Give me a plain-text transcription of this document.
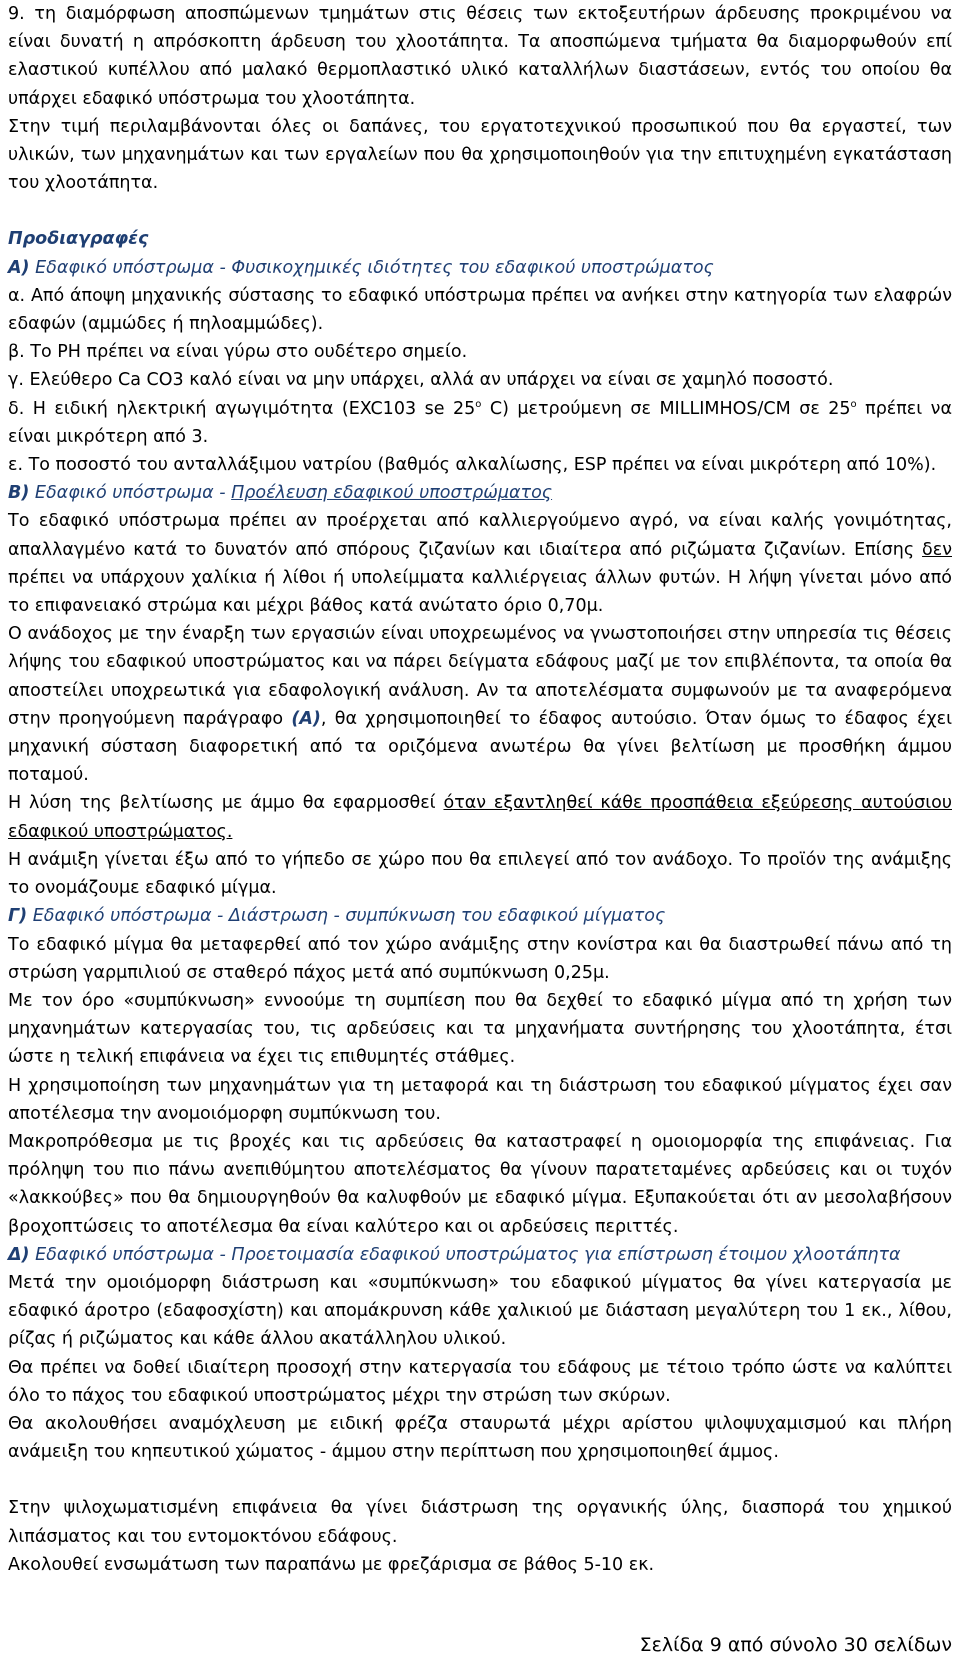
9. τη διαμόρφωση αποσπώμενων τμημάτων στις θέσεις των εκτοξευτήρων άρδευσης προκριμένου να είναι δυνατή η απρόσκοπτη άρδευση του χλοοτάπητα. Τα αποσπώμενα τμήματα θα διαμορφωθούν επί ελαστικού κυπέλλου από μαλακό θερμοπλαστικό υλικό καταλλήλων διαστάσεων, εντός του οποίου θα υπάρχει εδαφικό υπόστρωμα του χλοοτάπητα.

Στην τιμή περιλαμβάνονται όλες οι δαπάνες, του εργατοτεχνικού προσωπικού που θα εργαστεί, των υλικών, των μηχανημάτων και των εργαλείων που θα χρησιμοποιηθούν για την επιτυχημένη εγκατάσταση του χλοοτάπητα.

Προδιαγραφές

Α) Εδαφικό υπόστρωμα - Φυσικοχημικές ιδιότητες του εδαφικού υποστρώματος

α. Από άποψη μηχανικής σύστασης το εδαφικό υπόστρωμα πρέπει να ανήκει στην κατηγορία των ελαφρών εδαφών (αμμώδες ή πηλοαμμώδες).

β. Το PH πρέπει να είναι γύρω στο ουδέτερο σημείο.

γ. Ελεύθερο Ca CO3 καλό είναι να μην υπάρχει, αλλά αν υπάρχει να είναι σε χαμηλό ποσοστό.

δ. Η ειδική ηλεκτρική αγωγιμότητα (EXC103 se $25^o$ C) μετρούμενη σε MILLIMHOS/CM σε $25^o$ πρέπει να είναι μικρότερη από 3.

ε. Το ποσοστό του ανταλλάξιμου νατρίου (βαθμός αλκαλίωσης, ESP πρέπει να είναι μικρότερη από 10%).

Β) Εδαφικό υπόστρωμα - Προέλευση εδαφικού υποστρώματος

Το εδαφικό υπόστρωμα πρέπει αν προέρχεται από καλλιεργούμενο αγρό, να είναι καλής γονιμότητας, απαλλαγμένο κατά το δυνατόν από σπόρους ζιζανίων και ιδιαίτερα από ριζώματα ζιζανίων. Επίσης δεν πρέπει να υπάρχουν χαλίκια ή λίθοι ή υπολείμματα καλλιέργειας άλλων φυτών. Η λήψη γίνεται μόνο από το επιφανειακό στρώμα και μέχρι βάθος κατά ανώτατο όριο 0,70μ.

Ο ανάδοχος με την έναρξη των εργασιών είναι υποχρεωμένος να γνωστοποιήσει στην υπηρεσία τις θέσεις λήψης του εδαφικού υποστρώματος και να πάρει δείγματα εδάφους μαζί με τον επιβλέποντα, τα οποία θα αποστείλει υποχρεωτικά για εδαφολογική ανάλυση. Αν τα αποτελέσματα συμφωνούν με τα αναφερόμενα στην προηγούμενη παράγραφο (Α), θα χρησιμοποιηθεί το έδαφος αυτούσιο. Όταν όμως το έδαφος έχει μηχανική σύσταση διαφορετική από τα οριζόμενα ανωτέρω θα γίνει βελτίωση με προσθήκη άμμου ποταμού.

Η λύση της βελτίωσης με άμμο θα εφαρμοσθεί όταν εξαντληθεί κάθε προσπάθεια εξεύρεσης αυτούσιου εδαφικού υποστρώματος.

Η ανάμιξη γίνεται έξω από το γήπεδο σε χώρο που θα επιλεγεί από τον ανάδοχο. Το προϊόν της ανάμιξης το ονομάζουμε εδαφικό μίγμα.

Γ) Εδαφικό υπόστρωμα - Διάστρωση - συμπύκνωση του εδαφικού μίγματος

Το εδαφικό μίγμα θα μεταφερθεί από τον χώρο ανάμιξης στην κονίστρα και θα διαστρωθεί πάνω από τη στρώση γαρμπιλιού σε σταθερό πάχος μετά από συμπύκνωση 0,25μ.

Με τον όρο «συμπύκνωση» εννοούμε τη συμπίεση που θα δεχθεί το εδαφικό μίγμα από τη χρήση των μηχανημάτων κατεργασίας του, τις αρδεύσεις και τα μηχανήματα συντήρησης του χλοοτάπητα, έτσι ώστε η τελική επιφάνεια να έχει τις επιθυμητές στάθμες.

Η χρησιμοποίηση των μηχανημάτων για τη μεταφορά και τη διάστρωση του εδαφικού μίγματος έχει σαν αποτέλεσμα την ανομοιόμορφη συμπύκνωση του.

Μακροπρόθεσμα με τις βροχές και τις αρδεύσεις θα καταστραφεί η ομοιομορφία της επιφάνειας. Για πρόληψη του πιο πάνω ανεπιθύμητου αποτελέσματος θα γίνουν παρατεταμένες αρδεύσεις και οι τυχόν «λακκούβες» που θα δημιουργηθούν θα καλυφθούν με εδαφικό μίγμα. Εξυπακούεται ότι αν μεσολαβήσουν βροχοπτώσεις το αποτέλεσμα θα είναι καλύτερο και οι αρδεύσεις περιττές.

Δ) Εδαφικό υπόστρωμα - Προετοιμασία εδαφικού υποστρώματος για επίστρωση έτοιμου χλοοτάπητα

Μετά την ομοιόμορφη διάστρωση και «συμπύκνωση» του εδαφικού μίγματος θα γίνει κατεργασία με εδαφικό άροτρο (εδαφοσχίστη) και απομάκρυνση κάθε χαλικιού με διάσταση μεγαλύτερη του 1 εκ., λίθου, ρίζας ή ριζώματος και κάθε άλλου ακατάλληλου υλικού.

Θα πρέπει να δοθεί ιδιαίτερη προσοχή στην κατεργασία του εδάφους με τέτοιο τρόπο ώστε να καλύπτει όλο το πάχος του εδαφικού υποστρώματος μέχρι την στρώση των σκύρων.

Θα ακολουθήσει αναμόχλευση με ειδική φρέζα σταυρωτά μέχρι αρίστου ψιλοψυχαμισμού και πλήρη ανάμειξη του κηπευτικού χώματος - άμμου στην περίπτωση που χρησιμοποιηθεί άμμος.

Στην ψιλοχωματισμένη επιφάνεια θα γίνει διάστρωση της οργανικής ύλης, διασπορά του χημικού λιπάσματος και του εντομοκτόνου εδάφους.

Ακολουθεί ενσωμάτωση των παραπάνω με φρεζάρισμα σε βάθος 5-10 εκ.

Σελίδα 9 από σύνολο 30 σελίδων
